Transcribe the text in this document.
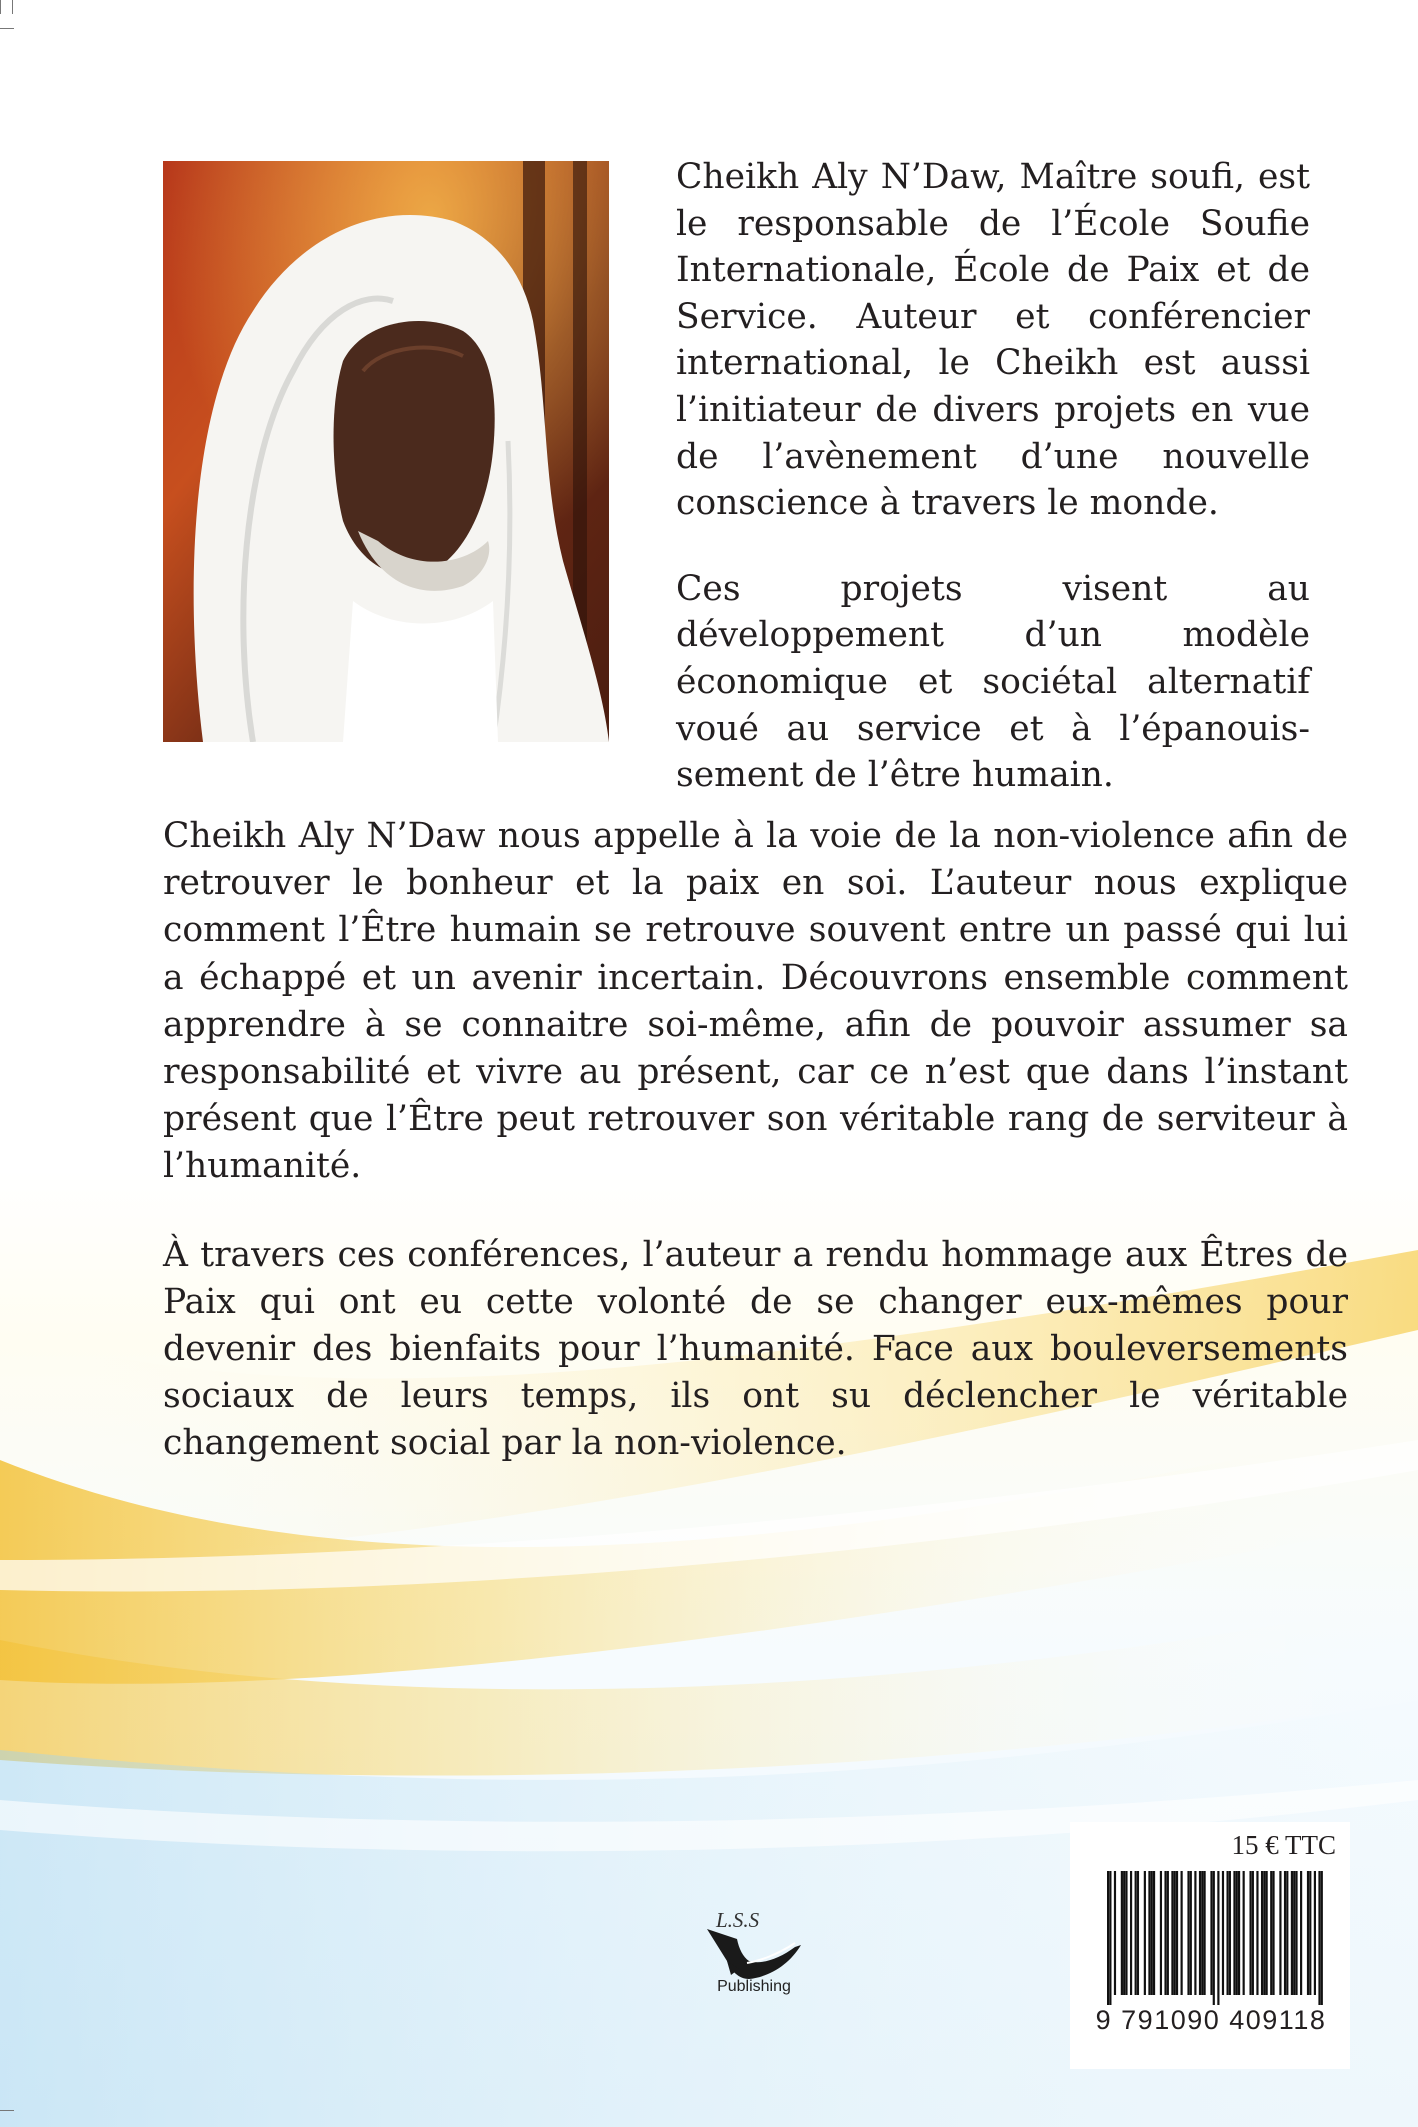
Cheikh Aly N’Daw, Maître soufi, est le responsable de l’École Soufie Internationale, École de Paix et de Service. Auteur et conférencier international, le Cheikh est aussi l’initiateur de divers projets en vue de l’avènement d’une nouvelle conscience à travers le monde.

Ces projets visent au développement d’un modèle économique et sociétal alternatif voué au service et à l’épanouissement de l’être humain.

Cheikh Aly N’Daw nous appelle à la voie de la non-violence afin de retrouver le bonheur et la paix en soi. L’auteur nous explique comment l’Être humain se retrouve souvent entre un passé qui lui a échappé et un avenir incertain. Découvrons ensemble comment apprendre à se connaitre soi-même, afin de pouvoir assumer sa responsabilité et vivre au présent, car ce n’est que dans l’instant présent que l’Être peut retrouver son véritable rang de serviteur à l’humanité.

À travers ces conférences, l’auteur a rendu hommage aux Êtres de Paix qui ont eu cette volonté de se changer eux-mêmes pour devenir des bienfaits pour l’humanité. Face aux bouleversements sociaux de leurs temps, ils ont su déclencher le véritable changement social par la non-violence.

L.S.S
Publishing
15 € TTC
9 791090 409118
